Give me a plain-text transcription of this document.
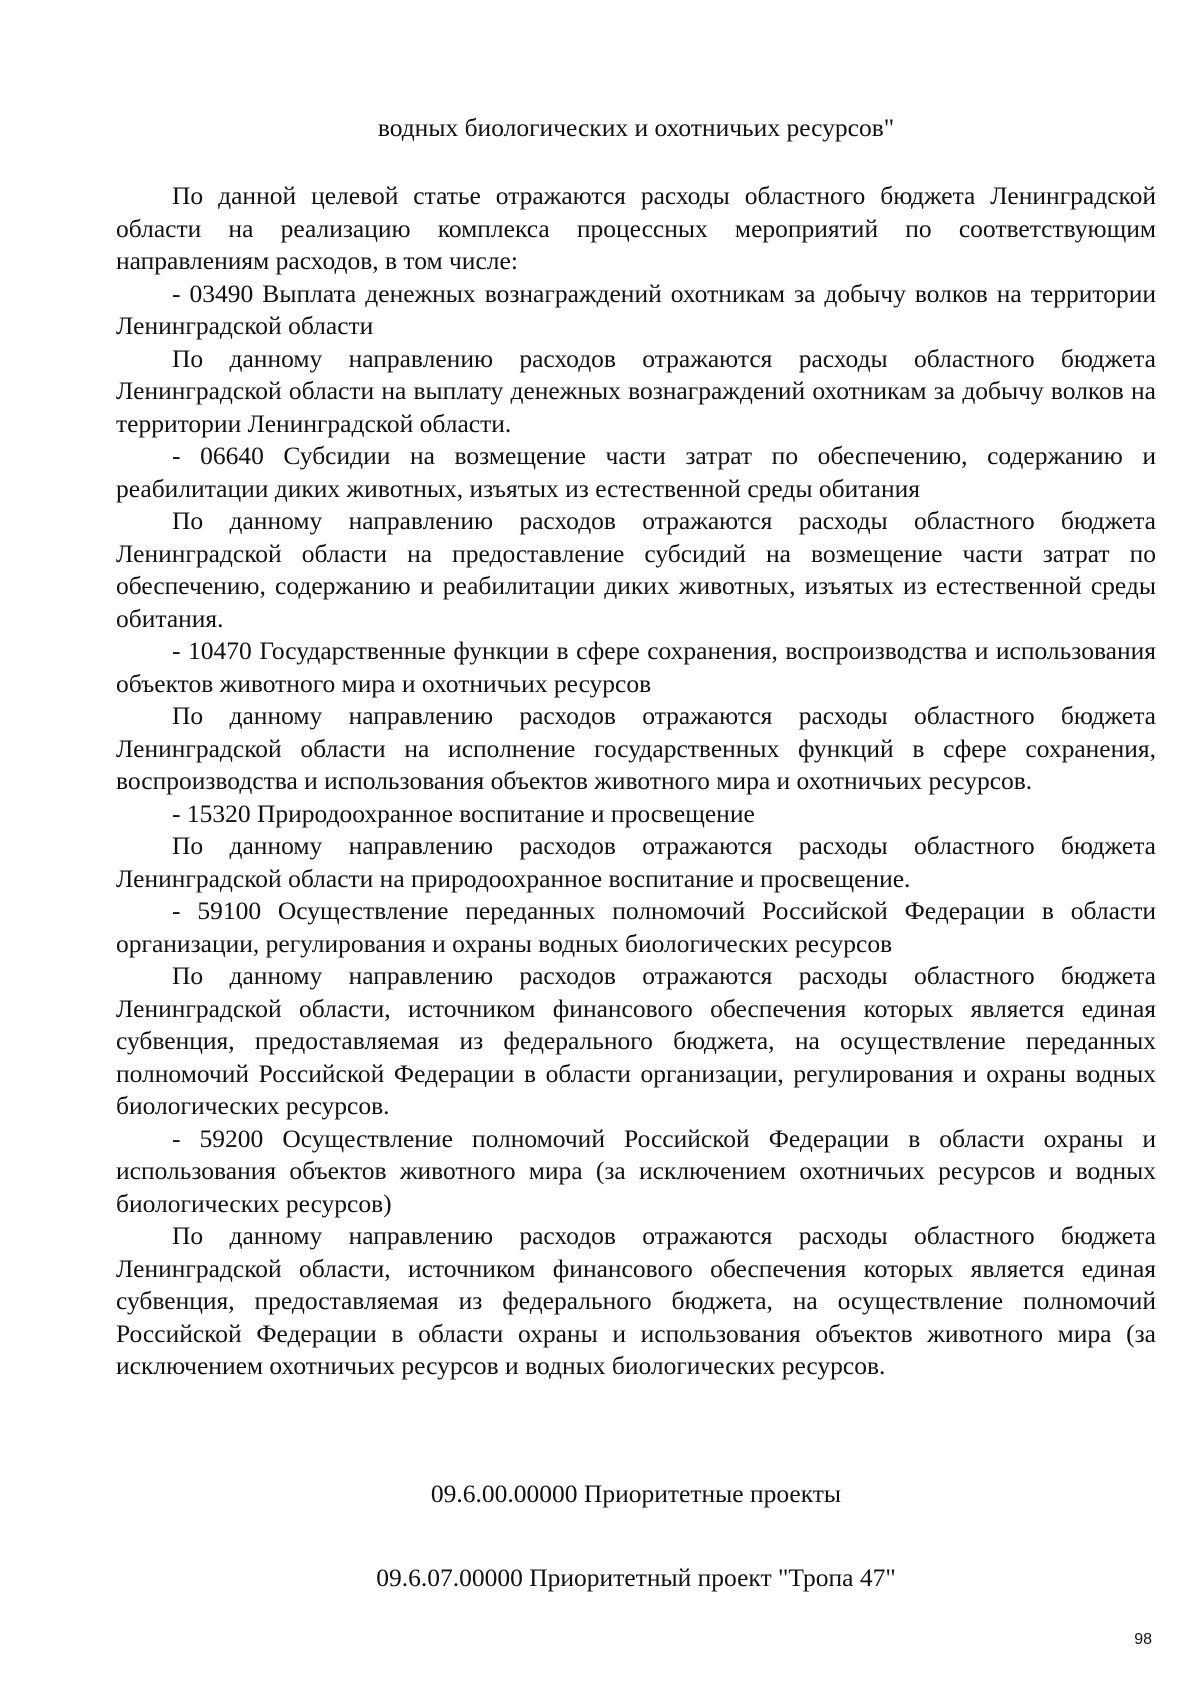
водных биологических и охотничьих ресурсов"

По данной целевой статье отражаются расходы областного бюджета Ленинградской области на реализацию комплекса процессных мероприятий по соответствующим направлениям расходов, в том числе:

- 03490 Выплата денежных вознаграждений охотникам за добычу волков на территории Ленинградской области

По данному направлению расходов отражаются расходы областного бюджета Ленинградской области на выплату денежных вознаграждений охотникам за добычу волков на территории Ленинградской области.

- 06640 Субсидии на возмещение части затрат по обеспечению, содержанию и реабилитации диких животных, изъятых из естественной среды обитания

По данному направлению расходов отражаются расходы областного бюджета Ленинградской области на предоставление субсидий на возмещение части затрат по обеспечению, содержанию и реабилитации диких животных, изъятых из естественной среды обитания.

- 10470 Государственные функции в сфере сохранения, воспроизводства и использования объектов животного мира и охотничьих ресурсов

По данному направлению расходов отражаются расходы областного бюджета Ленинградской области на исполнение государственных функций в сфере сохранения, воспроизводства и использования объектов животного мира и охотничьих ресурсов.

- 15320 Природоохранное воспитание и просвещение

По данному направлению расходов отражаются расходы областного бюджета Ленинградской области на природоохранное воспитание и просвещение.

- 59100 Осуществление переданных полномочий Российской Федерации в области организации, регулирования и охраны водных биологических ресурсов

По данному направлению расходов отражаются расходы областного бюджета Ленинградской области, источником финансового обеспечения которых является единая субвенция, предоставляемая из федерального бюджета, на осуществление переданных полномочий Российской Федерации в области организации, регулирования и охраны водных биологических ресурсов.

- 59200 Осуществление полномочий Российской Федерации в области охраны и использования объектов животного мира (за исключением охотничьих ресурсов и водных биологических ресурсов)

По данному направлению расходов отражаются расходы областного бюджета Ленинградской области, источником финансового обеспечения которых является единая субвенция, предоставляемая из федерального бюджета, на осуществление полномочий Российской Федерации в области охраны и использования объектов животного мира (за исключением охотничьих ресурсов и водных биологических ресурсов.

09.6.00.00000 Приоритетные проекты
09.6.07.00000 Приоритетный проект "Тропа 47"
98
